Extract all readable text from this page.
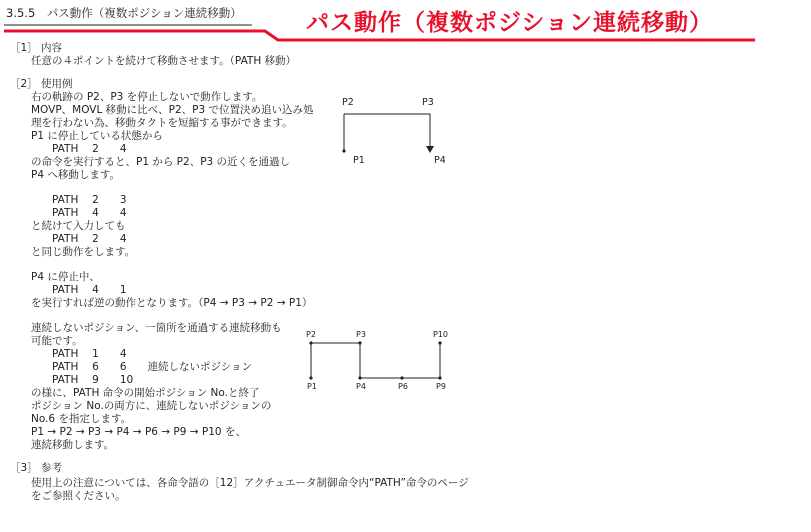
3.5.5　パス動作（複数ポジション連続移動）	パス動作（複数ポジション連続移動）
［1］ 内容
任意の４ポイントを続けて移動させます。（PATH 移動）
［2］ 使用例
右の軌跡の P2、P3 を停止しないで動作します。
MOVP、MOVL 移動に比べ、P2、P3 で位置決め追い込み処
理を行わない為、移動タクトを短縮する事ができます。
P1 に停止している状態から
　　PATH　 2　　4
の命令を実行すると、P1 から P2、P3 の近くを通過し
P4 へ移動します。
　　PATH　 2　　3
　　PATH　 4　　4
と続けて入力しても
　　PATH　 2　　4
と同じ動作をします。
P4 に停止中、
　　PATH　 4　　1
を実行すれば逆の動作となります。（P4 → P3 → P2 → P1）
連続しないポジション、一箇所を通過する連続移動も
可能です。
　　PATH　 1　　4
　　PATH　 6　　6　　連続しないポジション
　　PATH　 9　　10
の様に、PATH 命令の開始ポジション No.と終了
ポジション No.の両方に、連続しないポジションの
No.6 を指定します。
P1 → P2 → P3 → P4 → P6 → P9 → P10 を、
連続移動します。
［3］ 参考
使用上の注意については、各命令語の［12］アクチュエータ制御命令内“PATH”命令のページ
をご参照ください。
P2	P3
P1	P4
P2	P3	P10
P1	P4	P6	P9
